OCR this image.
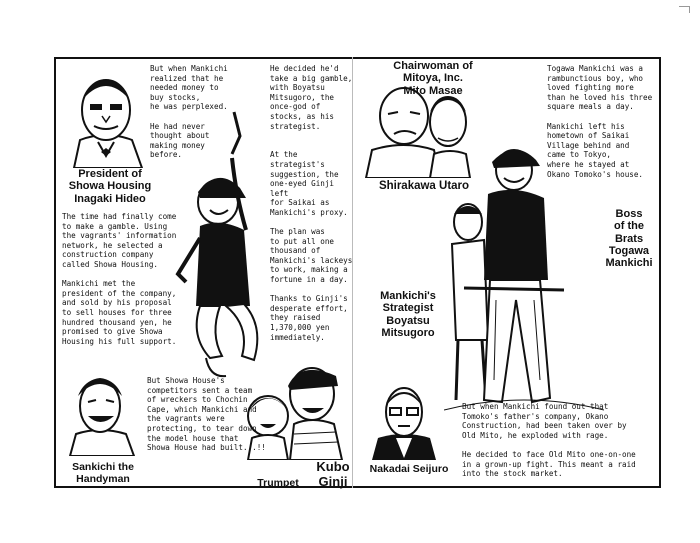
But when Mankichi
realized that he
needed money to
buy stocks,
he was perplexed.

He had never
thought about
making money
before.
He decided he'd
take a big gamble,
with Boyatsu
Mitsugoro, the
once-god of
stocks, as his
strategist.

At the
strategist's
suggestion, the
one-eyed Ginji left
for Saikai as
Mankichi's proxy.

The plan was
to put all one
thousand of
Mankichi's lackeys
to work, making a
fortune in a day.

Thanks to Ginji's
desperate effort,
they raised
1,370,000 yen
immediately.
The time had finally come
to make a gamble. Using
the vagrants' information
network, he selected a
construction company
called Showa Housing.

Mankichi met the
president of the company,
and sold by his proposal
to sell houses for three
hundred thousand yen, he
promised to give Showa
Housing his full support.
But Showa House's
competitors sent a team
of wreckers to Chochin
Cape, which Mankichi and
the vagrants were
protecting, to tear down
the model house that
Showa House had built...!!
Togawa Mankichi was a
rambunctious boy, who
loved fighting more
than he loved his three
square meals a day.

Mankichi left his
hometown of Saikai
Village behind and
came to Tokyo,
where he stayed at
Okano Tomoko's house.
But when Mankichi found out that
Tomoko's father's company, Okano
Construction, had been taken over by
Old Mito, he exploded with rage.

He decided to face Old Mito one-on-one
in a grown-up fight. This meant a raid
into the stock market.
President of
Showa Housing
Inagaki Hideo
Sankichi the
Handyman	Trumpet
Kubo
Ginji
Chairwoman of
Mitoya, Inc.
Mito Masae
Shirakawa Utaro
Boss
of the
Brats
Togawa
Mankichi
Mankichi's
Strategist
Boyatsu
Mitsugoro
Nakadai Seijuro
